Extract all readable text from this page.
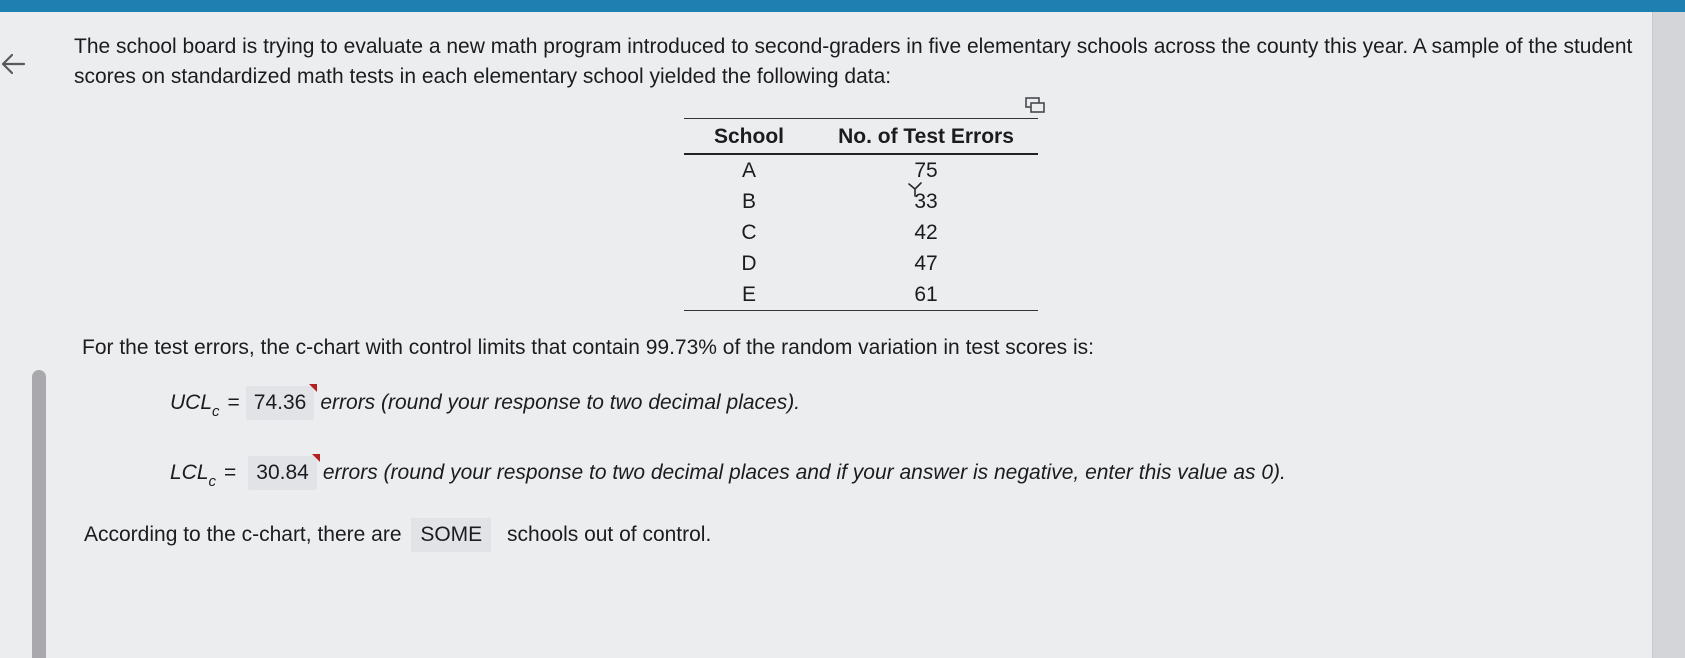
The school board is trying to evaluate a new math program introduced to second-graders in five elementary schools across the county this year. A sample of the student scores on standardized math tests in each elementary school yielded the following data:

School	No. of Test Errors
A	75
B	33
C	42
D	47
E	61

For the test errors, the c-chart with control limits that contain 99.73% of the random variation in test scores is:

$UCL_c = 74.36$ errors (round your response to two decimal places).
$LCL_c = 30.84$ errors (round your response to two decimal places and if your answer is negative, enter this value as 0).
According to the c-chart, there are SOME schools out of control.
